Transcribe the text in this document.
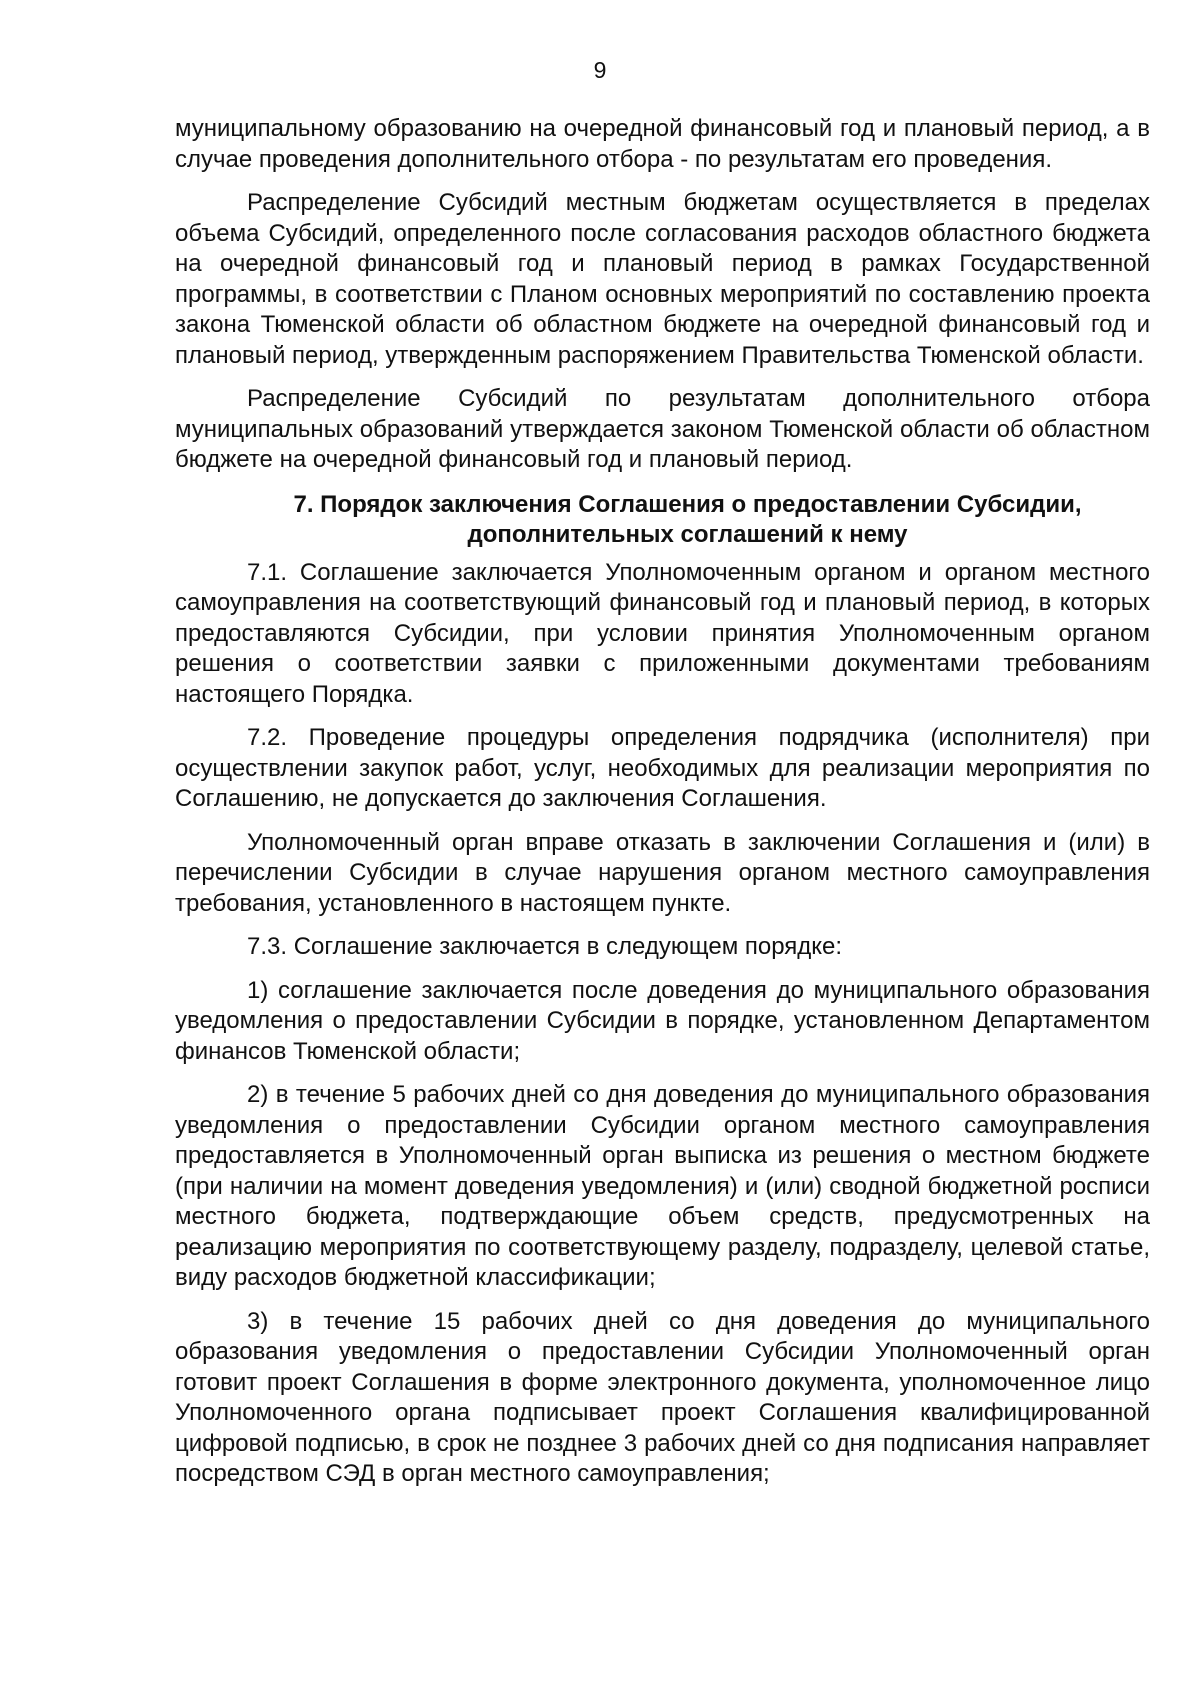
9

муниципальному образованию на очередной финансовый год и плановый период, а в случае проведения дополнительного отбора - по результатам его проведения.

Распределение Субсидий местным бюджетам осуществляется в пределах объема Субсидий, определенного после согласования расходов областного бюджета на очередной финансовый год и плановый период в рамках Государственной программы, в соответствии с Планом основных мероприятий по составлению проекта закона Тюменской области об областном бюджете на очередной финансовый год и плановый период, утвержденным распоряжением Правительства Тюменской области.

Распределение Субсидий по результатам дополнительного отбора муниципальных образований утверждается законом Тюменской области об областном бюджете на очередной финансовый год и плановый период.

7. Порядок заключения Соглашения о предоставлении Субсидии,
дополнительных соглашений к нему

7.1. Соглашение заключается Уполномоченным органом и органом местного самоуправления на соответствующий финансовый год и плановый период, в которых предоставляются Субсидии, при условии принятия Уполномоченным органом решения о соответствии заявки с приложенными документами требованиям настоящего Порядка.

7.2. Проведение процедуры определения подрядчика (исполнителя) при осуществлении закупок работ, услуг, необходимых для реализации мероприятия по Соглашению, не допускается до заключения Соглашения.

Уполномоченный орган вправе отказать в заключении Соглашения и (или) в перечислении Субсидии в случае нарушения органом местного самоуправления требования, установленного в настоящем пункте.

7.3. Соглашение заключается в следующем порядке:

1) соглашение заключается после доведения до муниципального образования уведомления о предоставлении Субсидии в порядке, установленном Департаментом финансов Тюменской области;

2) в течение 5 рабочих дней со дня доведения до муниципального образования уведомления о предоставлении Субсидии органом местного самоуправления предоставляется в Уполномоченный орган выписка из решения о местном бюджете (при наличии на момент доведения уведомления) и (или) сводной бюджетной росписи местного бюджета, подтверждающие объем средств, предусмотренных на реализацию мероприятия по соответствующему разделу, подразделу, целевой статье, виду расходов бюджетной классификации;

3) в течение 15 рабочих дней со дня доведения до муниципального образования уведомления о предоставлении Субсидии Уполномоченный орган готовит проект Соглашения в форме электронного документа, уполномоченное лицо Уполномоченного органа подписывает проект Соглашения квалифицированной цифровой подписью, в срок не позднее 3 рабочих дней со дня подписания направляет посредством СЭД в орган местного самоуправления;
